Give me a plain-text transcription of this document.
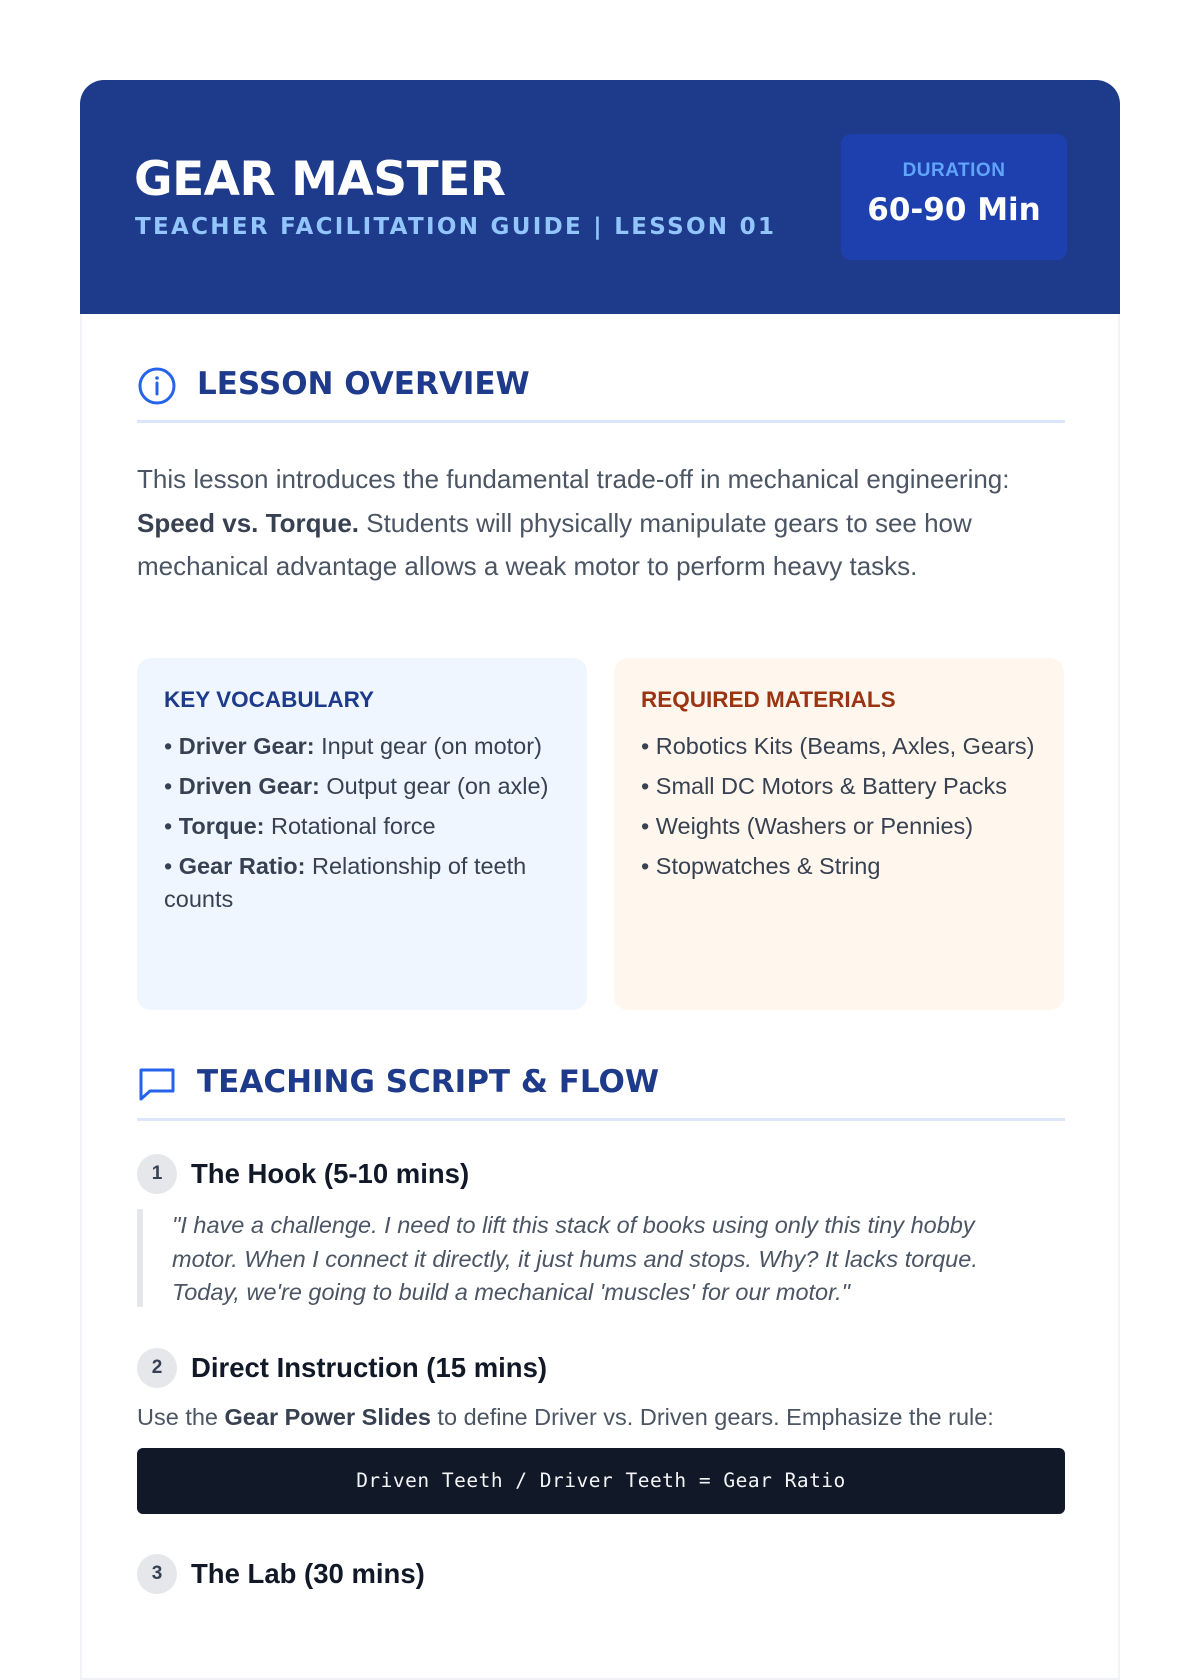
GEAR MASTER
TEACHER FACILITATION GUIDE | LESSON 01
DURATION
60-90 Min
LESSON OVERVIEW

This lesson introduces the fundamental trade-off in mechanical engineering: Speed vs. Torque. Students will physically manipulate gears to see how mechanical advantage allows a weak motor to perform heavy tasks.

KEY VOCABULARY
• Driver Gear: Input gear (on motor)
• Driven Gear: Output gear (on axle)
• Torque: Rotational force
• Gear Ratio: Relationship of teeth counts
REQUIRED MATERIALS
• Robotics Kits (Beams, Axles, Gears)
• Small DC Motors & Battery Packs
• Weights (Washers or Pennies)
• Stopwatches & String
TEACHING SCRIPT & FLOW
1	The Hook (5-10 mins)
"I have a challenge. I need to lift this stack of books using only this tiny hobby motor. When I connect it directly, it just hums and stops. Why? It lacks torque. Today, we're going to build a mechanical 'muscles' for our motor."
2	Direct Instruction (15 mins)

Use the Gear Power Slides to define Driver vs. Driven gears. Emphasize the rule:

Driven Teeth / Driver Teeth = Gear Ratio
3	The Lab (30 mins)
